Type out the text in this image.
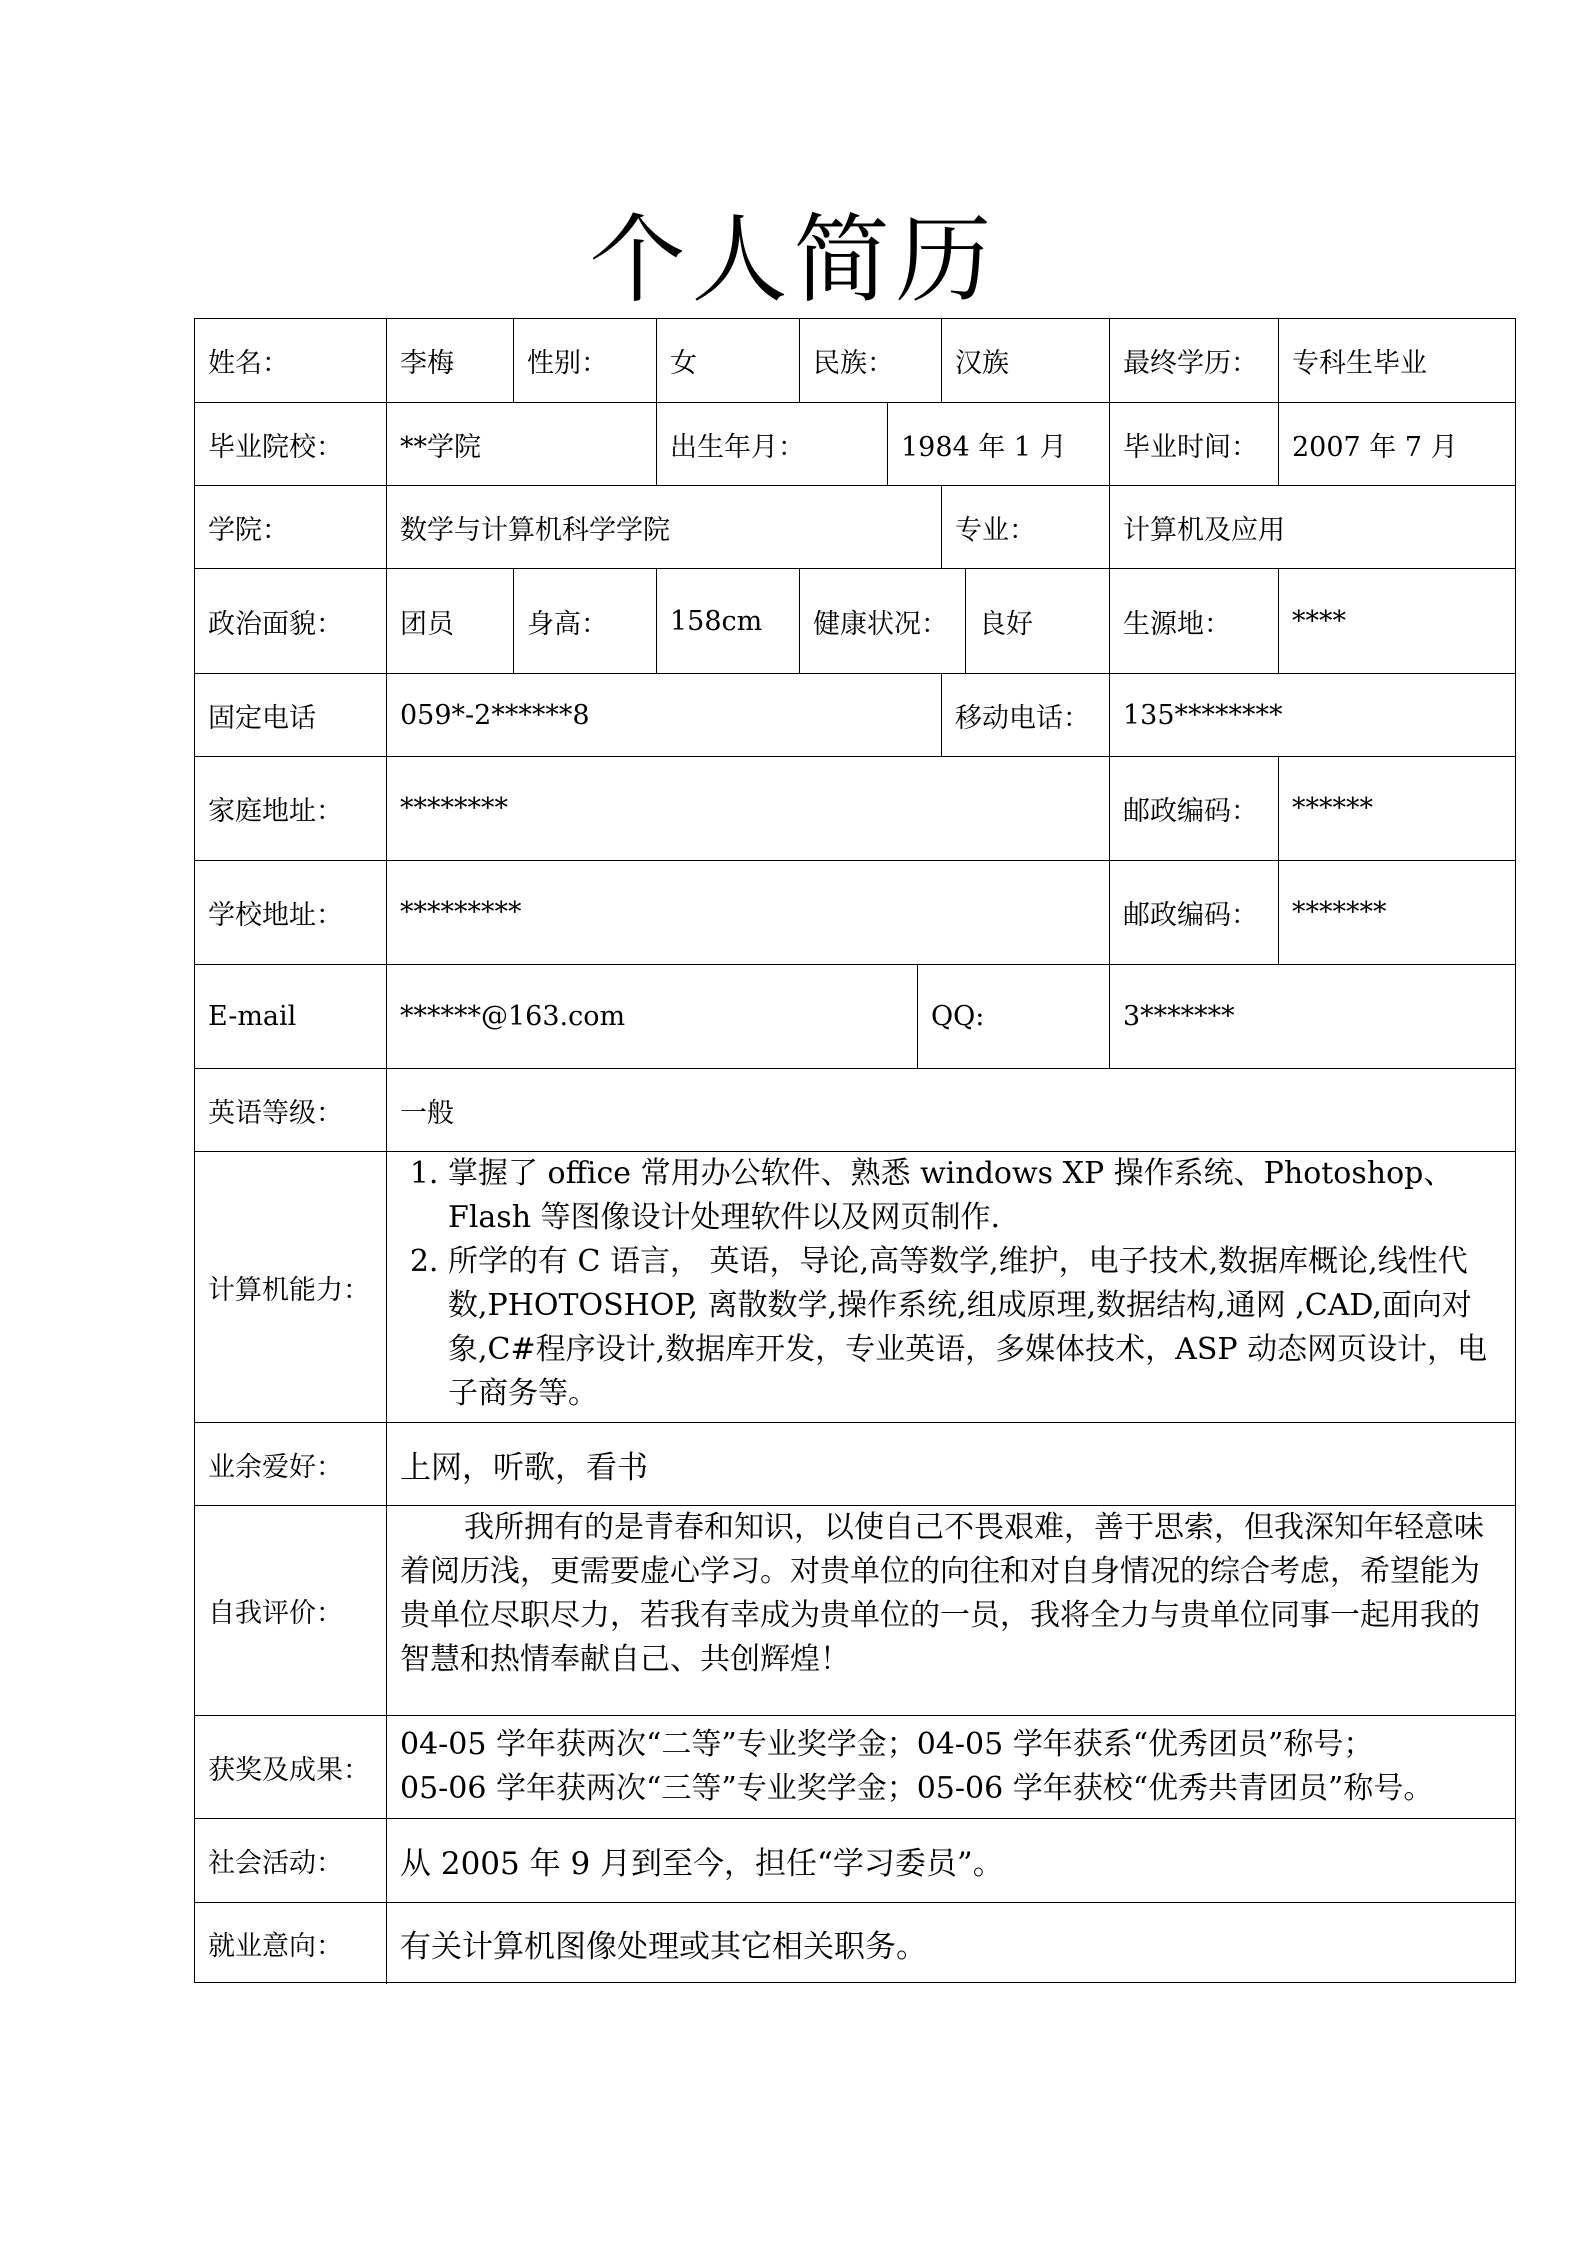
个人简历
姓名：	李梅	性别：	女	民族：	汉族	最终学历：	专科生毕业
毕业院校：	**学院	出生年月：	1984 年 1 月	毕业时间：	2007 年 7 月
学院：	数学与计算机科学学院	专业：	计算机及应用
政治面貌：	团员	身高：	158cm	健康状况：	良好	生源地：	****
固定电话	059*-2******8	移动电话：	135********
家庭地址：	********	邮政编码：	******
学校地址：	*********	邮政编码：	*******
E-mail	******@163.com	QQ:	3*******
英语等级：	一般
计算机能力：
1. 掌握了 office 常用办公软件、熟悉 windows XP 操作系统、Photoshop、Flash 等图像设计处理软件以及网页制作.
2. 所学的有 C 语言， 英语，导论,高等数学,维护，电子技术,数据库概论,线性代数,PHOTOSHOP, 离散数学,操作系统,组成原理,数据结构,通网 ,CAD,面向对象,C#程序设计,数据库开发，专业英语，多媒体技术，ASP 动态网页设计，电子商务等。
业余爱好：	上网，听歌，看书
自我评价：

我所拥有的是青春和知识，以使自己不畏艰难，善于思索，但我深知年轻意味着阅历浅，更需要虚心学习。对贵单位的向往和对自身情况的综合考虑，希望能为贵单位尽职尽力，若我有幸成为贵单位的一员，我将全力与贵单位同事一起用我的智慧和热情奉献自己、共创辉煌！

获奖及成果：
04-05 学年获两次“二等”专业奖学金；04-05 学年获系“优秀团员”称号；
05-06 学年获两次“三等”专业奖学金；05-06 学年获校“优秀共青团员”称号。
社会活动：	从 2005 年 9 月到至今，担任“学习委员”。
就业意向：	有关计算机图像处理或其它相关职务。
